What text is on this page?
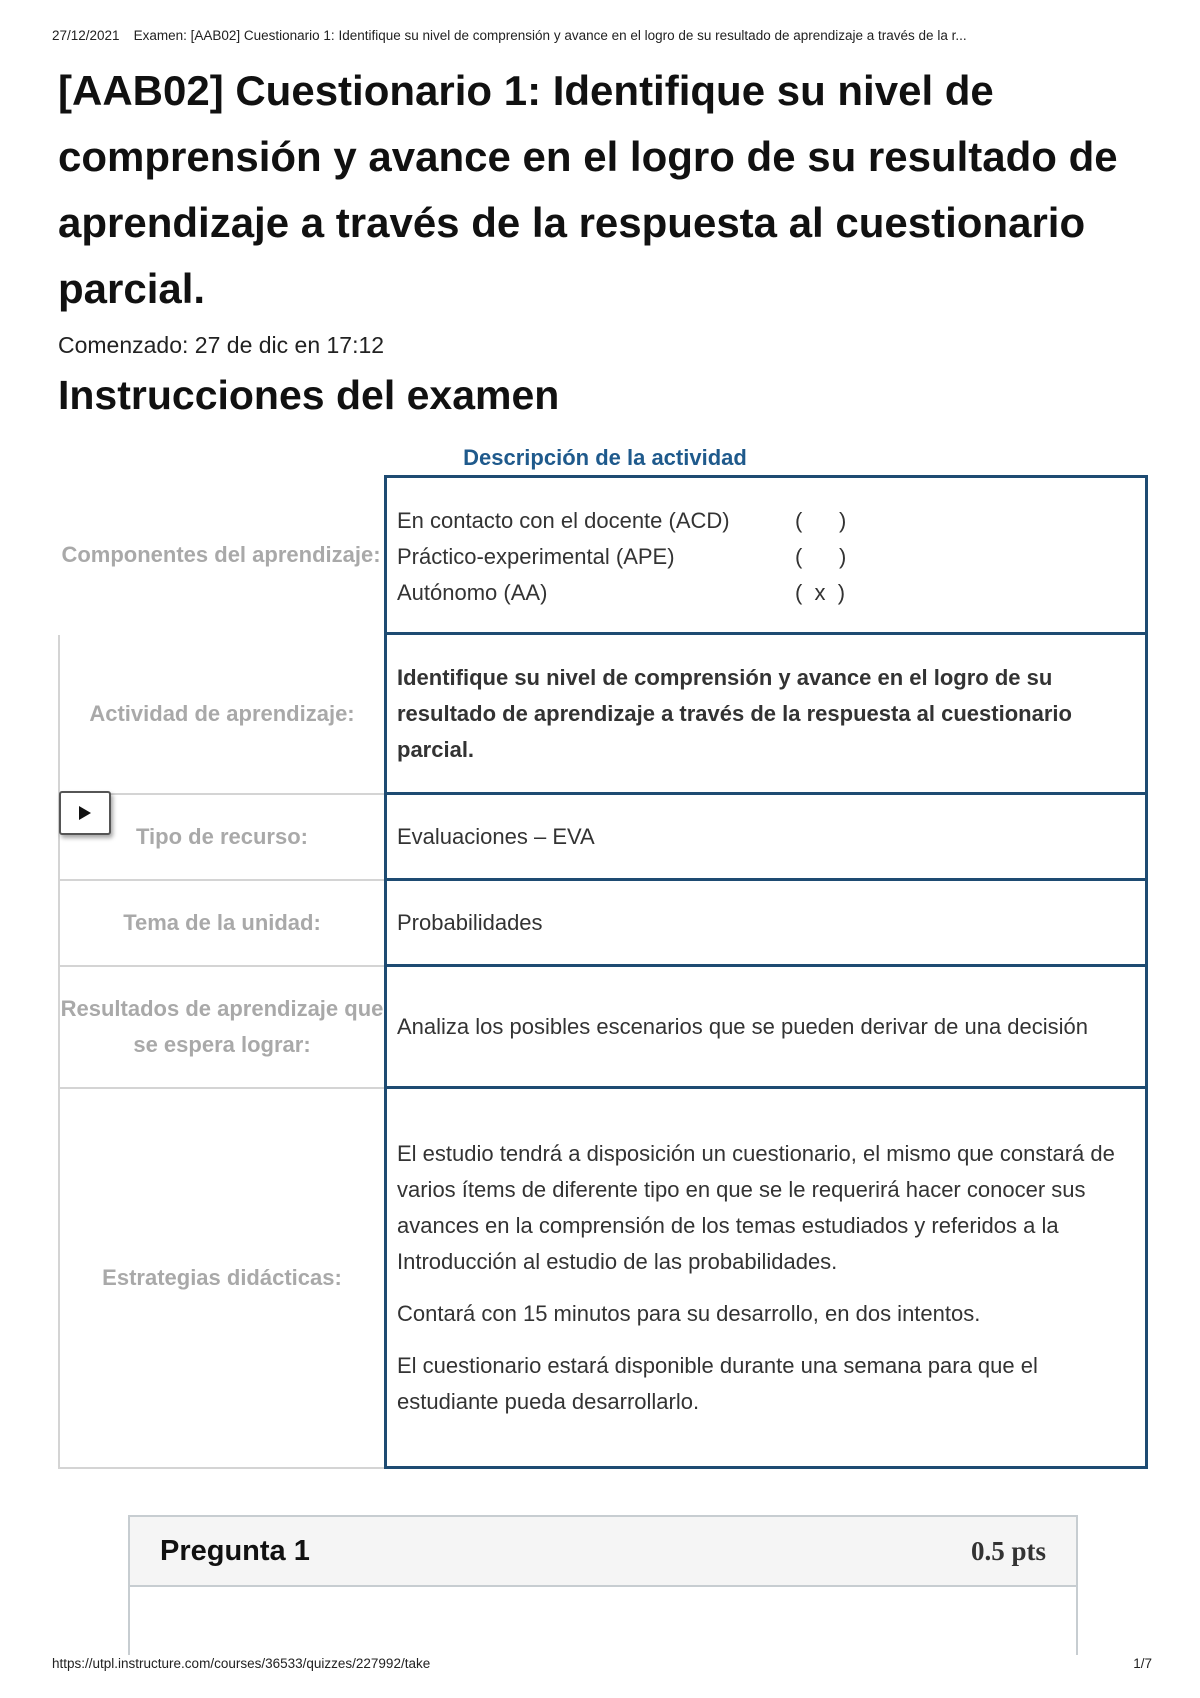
27/12/2021 Examen: [AAB02] Cuestionario 1: Identifique su nivel de comprensión y avance en el logro de su resultado de aprendizaje a través de la r...
[AAB02] Cuestionario 1: Identifique su nivel de comprensión y avance en el logro de su resultado de aprendizaje a través de la respuesta al cuestionario parcial.
Comenzado: 27 de dic en 17:12
Instrucciones del examen
Descripción de la actividad
Componentes del aprendizaje:
En contacto con el docente (ACD)	(      )
Práctico-experimental (APE)	(      )
Autónomo (AA)	(  x  )
Actividad de aprendizaje:
Identifique su nivel de comprensión y avance en el logro de su resultado de aprendizaje a través de la respuesta al cuestionario parcial.
Tipo de recurso:	Evaluaciones – EVA
Tema de la unidad:	Probabilidades
Resultados de aprendizaje que se espera lograr:
Analiza los posibles escenarios que se pueden derivar de una decisión
Estrategias didácticas:

El estudio tendrá a disposición un cuestionario, el mismo que constará de varios ítems de diferente tipo en que se le requerirá hacer conocer sus avances en la comprensión de los temas estudiados y referidos a la Introducción al estudio de las probabilidades.

Contará con 15 minutos para su desarrollo, en dos intentos.

El cuestionario estará disponible durante una semana para que el estudiante pueda desarrollarlo.

Pregunta 1	0.5 pts
https://utpl.instructure.com/courses/36533/quizzes/227992/take	1/7
